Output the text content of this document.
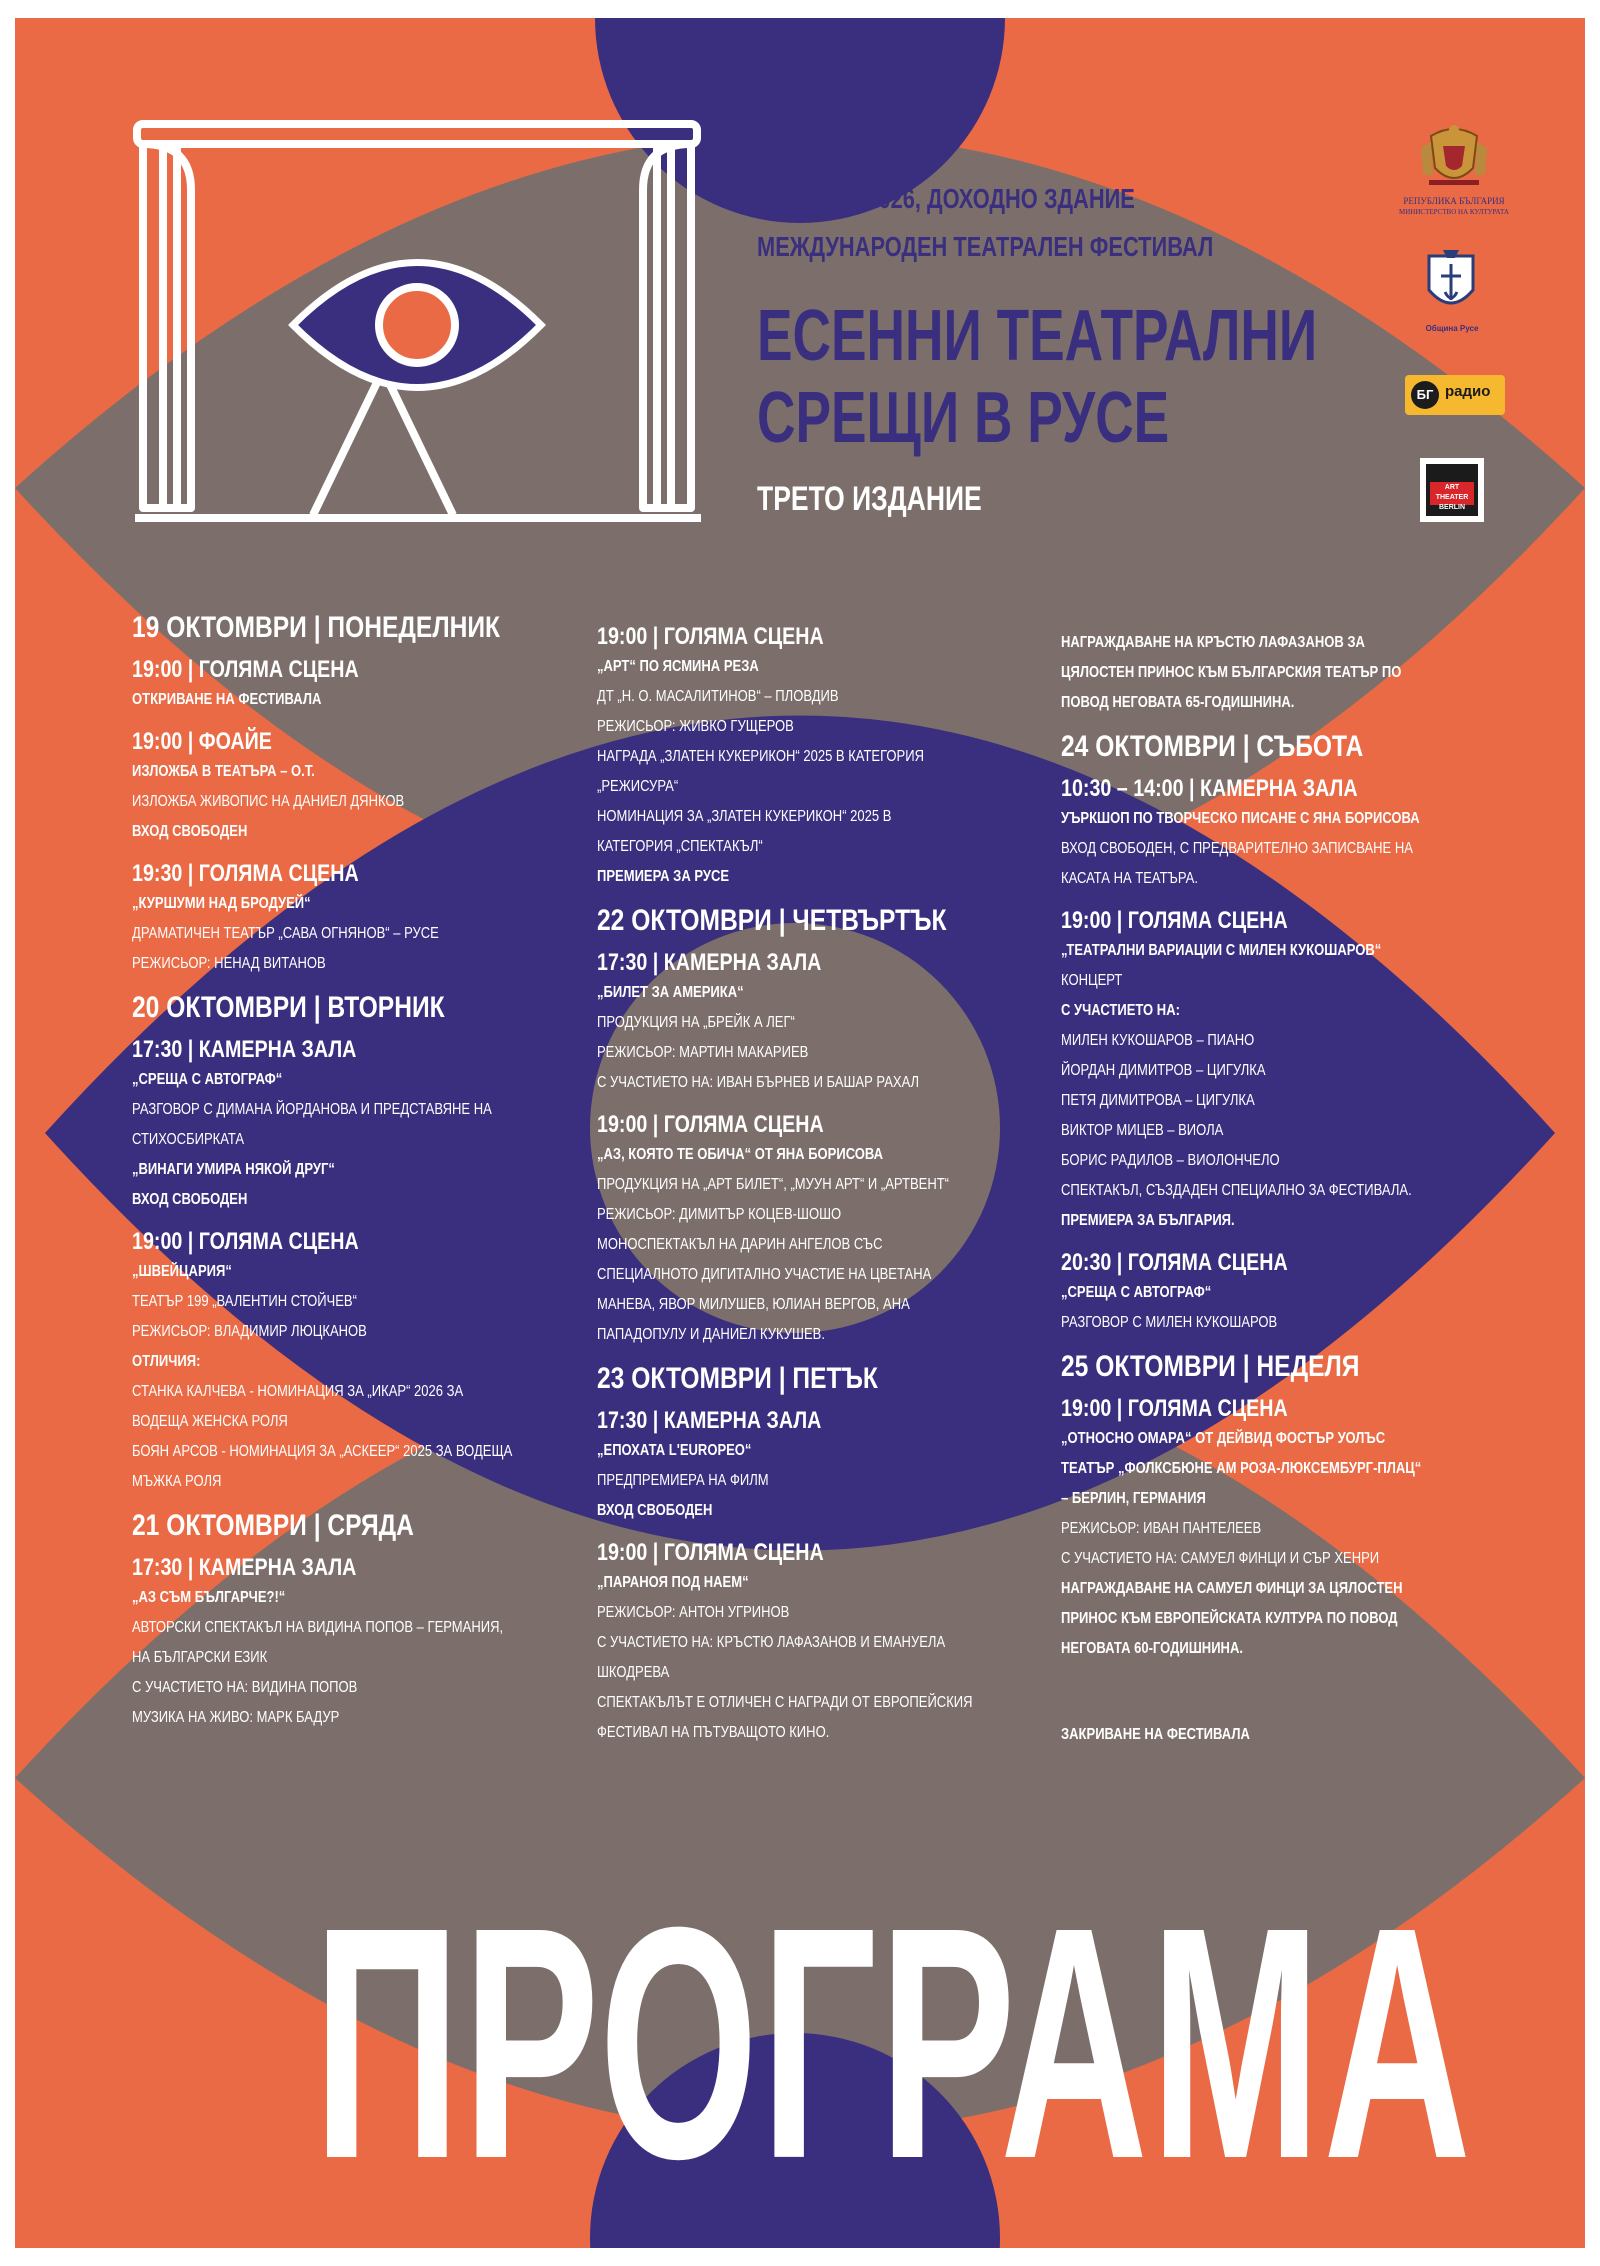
19 – 25.10.2026, ДОХОДНО ЗДАНИЕ
МЕЖДУНАРОДЕН ТЕАТРАЛЕН ФЕСТИВАЛ
ЕСЕННИ ТЕАТРАЛНИ
СРЕЩИ В РУСЕ
ТРЕТО ИЗДАНИЕ
РЕПУБЛИКА БЪЛГАРИЯ
МИНИСТЕРСТВО НА КУЛТУРАТА
Община Русе
БГ радио
ART THEATER
BERLIN
19 ОКТОМВРИ | ПОНЕДЕЛНИК
19:00 | ГОЛЯМА СЦЕНА
ОТКРИВАНЕ НА ФЕСТИВАЛА
19:00 | ФОАЙЕ
ИЗЛОЖБА В ТЕАТЪРА – О.Т.
ИЗЛОЖБА ЖИВОПИС НА ДАНИЕЛ ДЯНКОВ
ВХОД СВОБОДЕН
19:30 | ГОЛЯМА СЦЕНА
„КУРШУМИ НАД БРОДУЕЙ“
ДРАМАТИЧЕН ТЕАТЪР „САВА ОГНЯНОВ“ – РУСЕ
РЕЖИСЬОР: НЕНАД ВИТАНОВ
20 ОКТОМВРИ | ВТОРНИК
17:30 | КАМЕРНА ЗАЛА
„СРЕЩА С АВТОГРАФ“
РАЗГОВОР С ДИМАНА ЙОРДАНОВА И ПРЕДСТАВЯНЕ НА
СТИХОСБИРКАТА
„ВИНАГИ УМИРА НЯКОЙ ДРУГ“
ВХОД СВОБОДЕН
19:00 | ГОЛЯМА СЦЕНА
„ШВЕЙЦАРИЯ“
ТЕАТЪР 199 „ВАЛЕНТИН СТОЙЧЕВ“
РЕЖИСЬОР: ВЛАДИМИР ЛЮЦКАНОВ
ОТЛИЧИЯ:
СТАНКА КАЛЧЕВА - НОМИНАЦИЯ ЗА „ИКАР“ 2026 ЗА
ВОДЕЩА ЖЕНСКА РОЛЯ
БОЯН АРСОВ - НОМИНАЦИЯ ЗА „АСКЕЕР“ 2025 ЗА ВОДЕЩА
МЪЖКА РОЛЯ
21 ОКТОМВРИ | СРЯДА
17:30 | КАМЕРНА ЗАЛА
„АЗ СЪМ БЪЛГАРЧЕ?!“
АВТОРСКИ СПЕКТАКЪЛ НА ВИДИНА ПОПОВ – ГЕРМАНИЯ,
НА БЪЛГАРСКИ ЕЗИК
С УЧАСТИЕТО НА: ВИДИНА ПОПОВ
МУЗИКА НА ЖИВО: МАРК БАДУР
19:00 | ГОЛЯМА СЦЕНА
„АРТ“ ПО ЯСМИНА РЕЗА
ДТ „Н. О. МАСАЛИТИНОВ“ – ПЛОВДИВ
РЕЖИСЬОР: ЖИВКО ГУЩЕРОВ
НАГРАДА „ЗЛАТЕН КУКЕРИКОН“ 2025 В КАТЕГОРИЯ
„РЕЖИСУРА“
НОМИНАЦИЯ ЗА „ЗЛАТЕН КУКЕРИКОН“ 2025 В
КАТЕГОРИЯ „СПЕКТАКЪЛ“
ПРЕМИЕРА ЗА РУСЕ
22 ОКТОМВРИ | ЧЕТВЪРТЪК
17:30 | КАМЕРНА ЗАЛА
„БИЛЕТ ЗА АМЕРИКА“
ПРОДУКЦИЯ НА „БРЕЙК А ЛЕГ“
РЕЖИСЬОР: МАРТИН МАКАРИЕВ
С УЧАСТИЕТО НА: ИВАН БЪРНЕВ И БАШАР РАХАЛ
19:00 | ГОЛЯМА СЦЕНА
„АЗ, КОЯТО ТЕ ОБИЧА“ ОТ ЯНА БОРИСОВА
ПРОДУКЦИЯ НА „АРТ БИЛЕТ“, „МУУН АРТ“ И „АРТВЕНТ“
РЕЖИСЬОР: ДИМИТЪР КОЦЕВ-ШОШО
МОНОСПЕКТАКЪЛ НА ДАРИН АНГЕЛОВ СЪС
СПЕЦИАЛНОТО ДИГИТАЛНО УЧАСТИЕ НА ЦВЕТАНА
МАНЕВА, ЯВОР МИЛУШЕВ, ЮЛИАН ВЕРГОВ, АНА
ПАПАДОПУЛУ И ДАНИЕЛ КУКУШЕВ.
23 ОКТОМВРИ | ПЕТЪК
17:30 | КАМЕРНА ЗАЛА
„ЕПОХАТА L'EUROPEO“
ПРЕДПРЕМИЕРА НА ФИЛМ
ВХОД СВОБОДЕН
19:00 | ГОЛЯМА СЦЕНА
„ПАРАНОЯ ПОД НАЕМ“
РЕЖИСЬОР: АНТОН УГРИНОВ
С УЧАСТИЕТО НА: КРЪСТЮ ЛАФАЗАНОВ И ЕМАНУЕЛА
ШКОДРЕВА
СПЕКТАКЪЛЪТ Е ОТЛИЧЕН С НАГРАДИ ОТ ЕВРОПЕЙСКИЯ
ФЕСТИВАЛ НА ПЪТУВАЩОТО КИНО.
НАГРАЖДАВАНЕ НА КРЪСТЮ ЛАФАЗАНОВ ЗА
ЦЯЛОСТЕН ПРИНОС КЪМ БЪЛГАРСКИЯ ТЕАТЪР ПО
ПОВОД НЕГОВАТА 65-ГОДИШНИНА.
24 ОКТОМВРИ | СЪБОТА
10:30 – 14:00 | КАМЕРНА ЗАЛА
УЪРКШОП ПО ТВОРЧЕСКО ПИСАНЕ С ЯНА БОРИСОВА
ВХОД СВОБОДЕН, С ПРЕДВАРИТЕЛНО ЗАПИСВАНЕ НА
КАСАТА НА ТЕАТЪРА.
19:00 | ГОЛЯМА СЦЕНА
„ТЕАТРАЛНИ ВАРИАЦИИ С МИЛЕН КУКОШАРОВ“
КОНЦЕРТ
С УЧАСТИЕТО НА:
МИЛЕН КУКОШАРОВ – ПИАНО
ЙОРДАН ДИМИТРОВ – ЦИГУЛКА
ПЕТЯ ДИМИТРОВА – ЦИГУЛКА
ВИКТОР МИЦЕВ – ВИОЛА
БОРИС РАДИЛОВ – ВИОЛОНЧЕЛО
СПЕКТАКЪЛ, СЪЗДАДЕН СПЕЦИАЛНО ЗА ФЕСТИВАЛА.
ПРЕМИЕРА ЗА БЪЛГАРИЯ.
20:30 | ГОЛЯМА СЦЕНА
„СРЕЩА С АВТОГРАФ“
РАЗГОВОР С МИЛЕН КУКОШАРОВ
25 ОКТОМВРИ | НЕДЕЛЯ
19:00 | ГОЛЯМА СЦЕНА
„ОТНОСНО ОМАРА“ ОТ ДЕЙВИД ФОСТЪР УОЛЪС
ТЕАТЪР „ФОЛКСБЮНЕ АМ РОЗА-ЛЮКСЕМБУРГ-ПЛАЦ“
– БЕРЛИН, ГЕРМАНИЯ
РЕЖИСЬОР: ИВАН ПАНТЕЛЕЕВ
С УЧАСТИЕТО НА: САМУЕЛ ФИНЦИ И СЪР ХЕНРИ
НАГРАЖДАВАНЕ НА САМУЕЛ ФИНЦИ ЗА ЦЯЛОСТЕН
ПРИНОС КЪМ ЕВРОПЕЙСКАТА КУЛТУРА ПО ПОВОД
НЕГОВАТА 60-ГОДИШНИНА.
ЗАКРИВАНЕ НА ФЕСТИВАЛА
ПРОГРАМА
